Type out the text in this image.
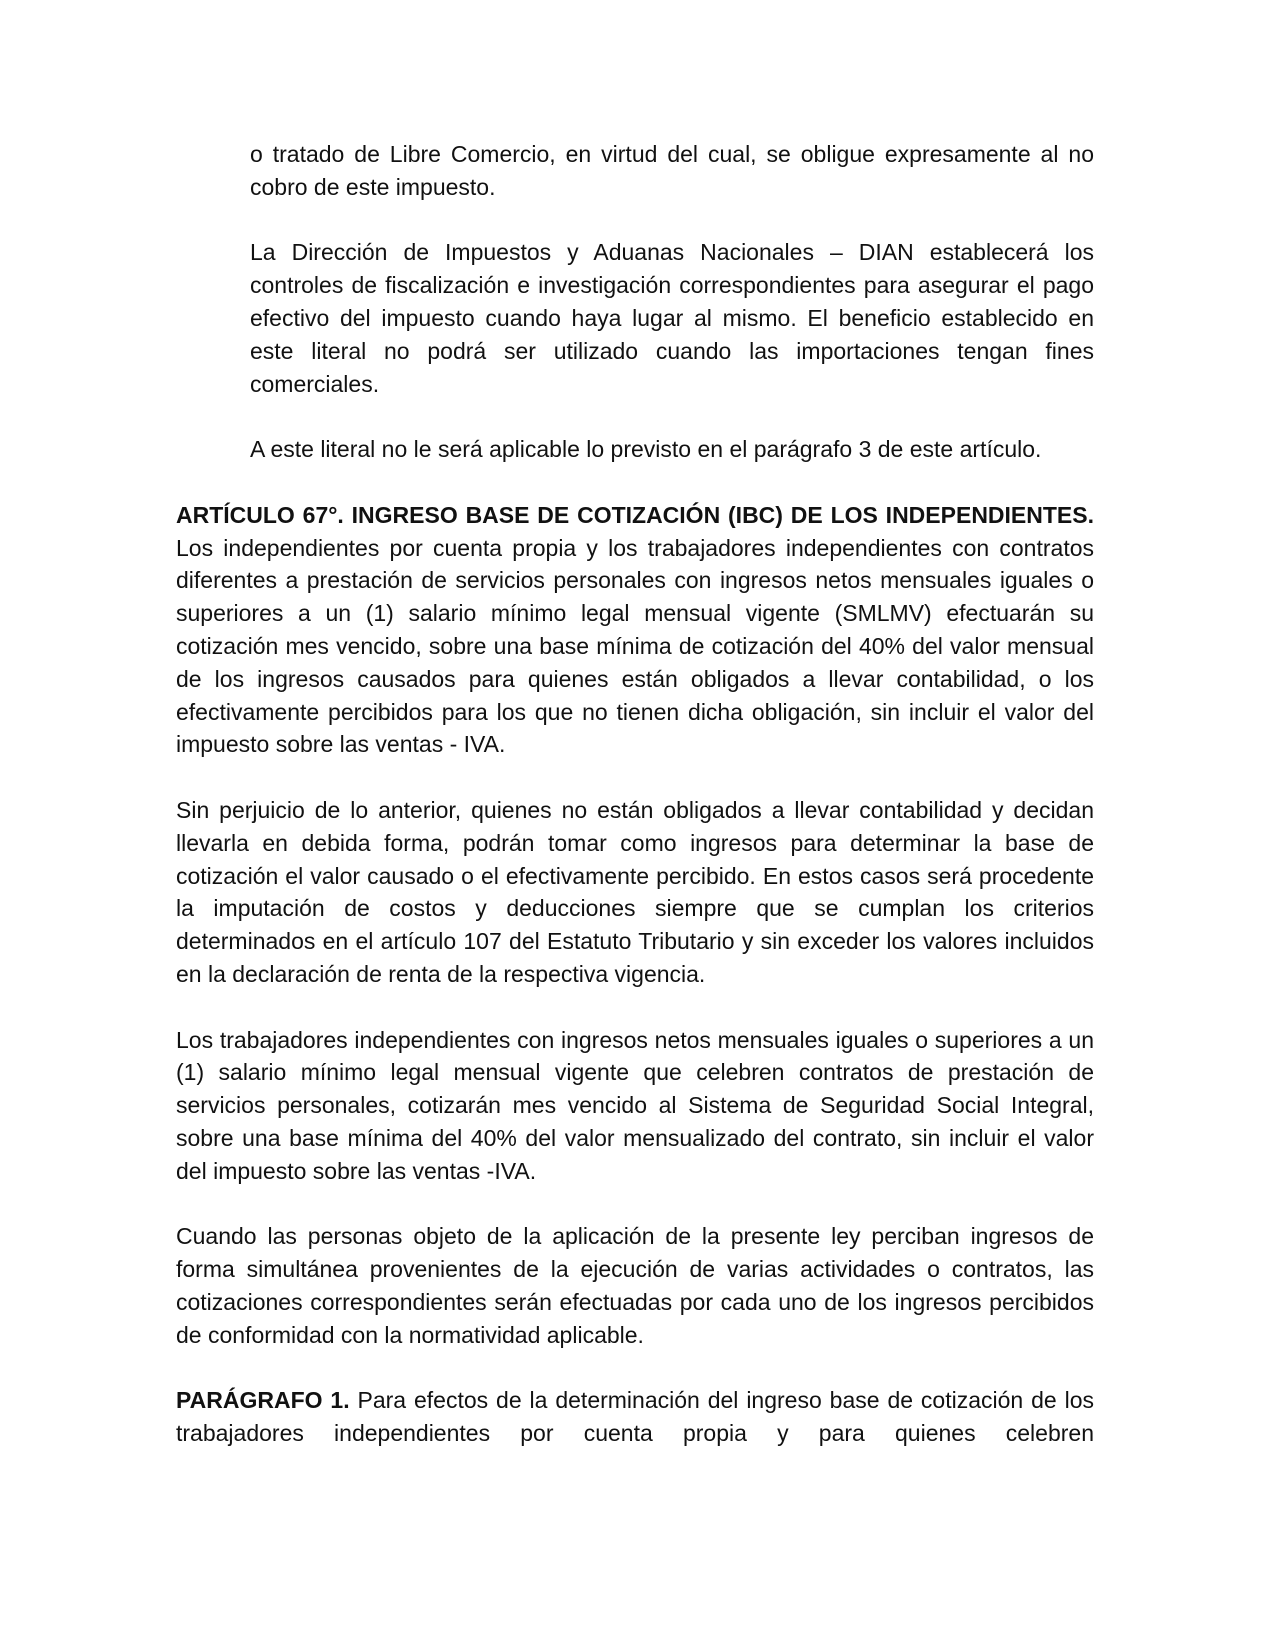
o tratado de Libre Comercio, en virtud del cual, se obligue expresamente al no cobro de este impuesto.

La Dirección de Impuestos y Aduanas Nacionales – DIAN establecerá los controles de fiscalización e investigación correspondientes para asegurar el pago efectivo del impuesto cuando haya lugar al mismo. El beneficio establecido en este literal no podrá ser utilizado cuando las importaciones tengan fines comerciales.

A este literal no le será aplicable lo previsto en el parágrafo 3 de este artículo.

ARTÍCULO 67°. INGRESO BASE DE COTIZACIÓN (IBC) DE LOS INDEPENDIENTES. Los independientes por cuenta propia y los trabajadores independientes con contratos diferentes a prestación de servicios personales con ingresos netos mensuales iguales o superiores a un (1) salario mínimo legal mensual vigente (SMLMV) efectuarán su cotización mes vencido, sobre una base mínima de cotización del 40% del valor mensual de los ingresos causados para quienes están obligados a llevar contabilidad, o los efectivamente percibidos para los que no tienen dicha obligación, sin incluir el valor del impuesto sobre las ventas - IVA.

Sin perjuicio de lo anterior, quienes no están obligados a llevar contabilidad y decidan llevarla en debida forma, podrán tomar como ingresos para determinar la base de cotización el valor causado o el efectivamente percibido. En estos casos será procedente la imputación de costos y deducciones siempre que se cumplan los criterios determinados en el artículo 107 del Estatuto Tributario y sin exceder los valores incluidos en la declaración de renta de la respectiva vigencia.

Los trabajadores independientes con ingresos netos mensuales iguales o superiores a un (1) salario mínimo legal mensual vigente que celebren contratos de prestación de servicios personales, cotizarán mes vencido al Sistema de Seguridad Social Integral, sobre una base mínima del 40% del valor mensualizado del contrato, sin incluir el valor del impuesto sobre las ventas -IVA.

Cuando las personas objeto de la aplicación de la presente ley perciban ingresos de forma simultánea provenientes de la ejecución de varias actividades o contratos, las cotizaciones correspondientes serán efectuadas por cada uno de los ingresos percibidos de conformidad con la normatividad aplicable.

PARÁGRAFO 1. Para efectos de la determinación del ingreso base de cotización de los trabajadores independientes por cuenta propia y para quienes celebren
